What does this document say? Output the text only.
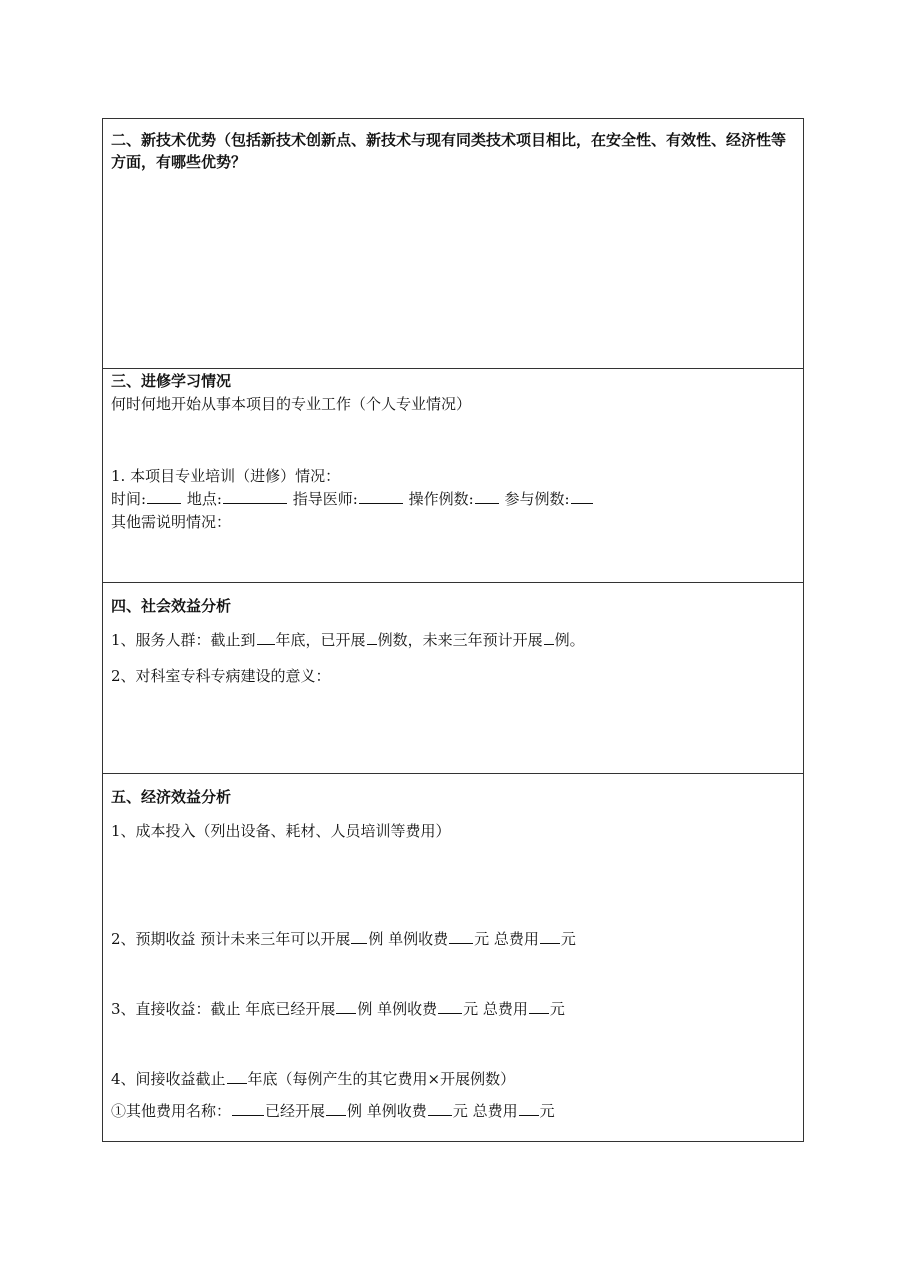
二、新技术优势（包括新技术创新点、新技术与现有同类技术项目相比，在安全性、有效性、经济性等方面，有哪些优势？
三、进修学习情况
何时何地开始从事本项目的专业工作（个人专业情况）
1. 本项目专业培训（进修）情况：
时间:	地点:	指导医师:	操作例数: 参与例数:
其他需说明情况：
四、社会效益分析
1、服务人群：截止到 年底，已开展 例数，未来三年预计开展 例。
2、对科室专科专病建设的意义：
五、经济效益分析
1、成本投入（列出设备、耗材、人员培训等费用）
2、预期收益 预计未来三年可以开展 例 单例收费 元 总费用 元
3、直接收益：截止 年底已经开展 例 单例收费 元 总费用 元
4、间接收益截止 年底（每例产生的其它费用×开展例数）
①其他费用名称： 已经开展 例 单例收费 元 总费用 元
